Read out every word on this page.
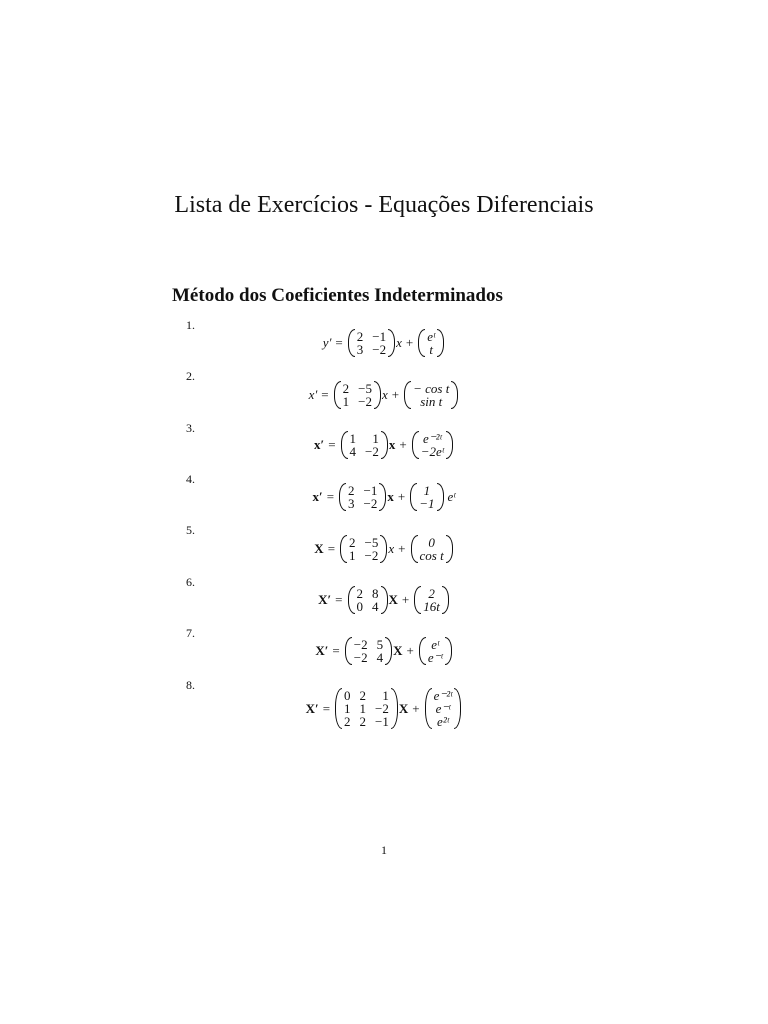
Lista de Exercícios - Equações Diferenciais
Método dos Coeficientes Indeterminados
1.
y′ = 2 −1
3 −2 x + eᵗ
t
2.
x′ = 2 −5
1 −2 x + − cos t
sin t
3.
x′ = 1	1
4 −2 x + e⁻²ᵗ
−2eᵗ
4.
x′ = 2 −1
3 −2 x +	1
−1 eᵗ
5.
X = 2 −5
1 −2 x +	0
cos t
6.
X′ = 2 8
0 4 X +	2
16t
7.
X′ = −2 5
−2 4 X + eᵗ
e⁻ᵗ
8.
X′ =
0 2	1
1 1 −2
2 2 −1
X +
e⁻²ᵗ
e⁻ᵗ
e²ᵗ
1
